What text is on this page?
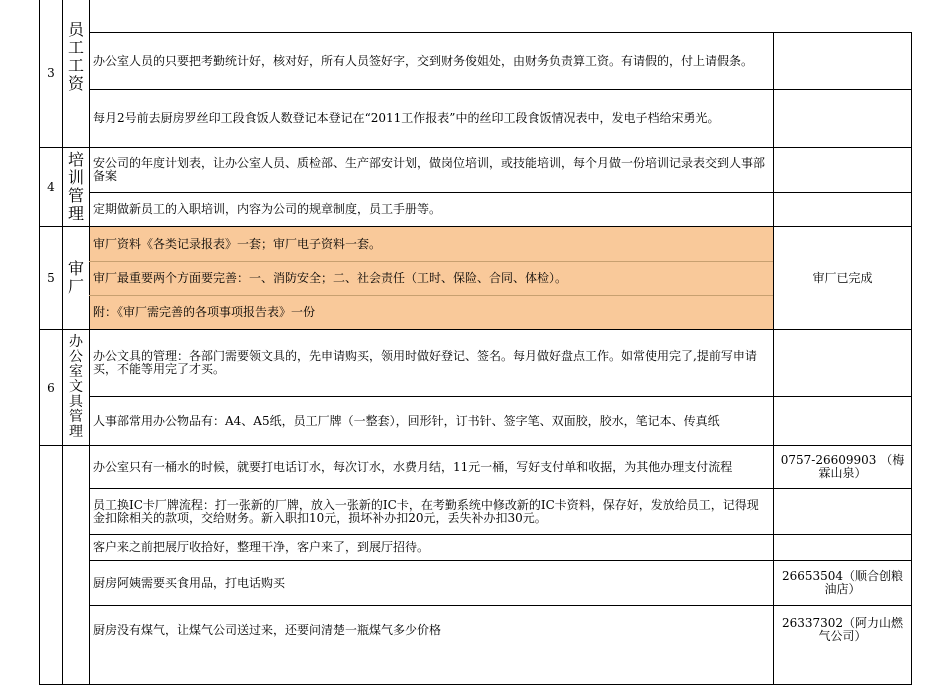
3
员
工
工
资
办公室人员的只要把考勤统计好，核对好，所有人员签好字，交到财务俊姐处，由财务负责算工资。有请假的，付上请假条。
每月2号前去厨房罗丝印工段食饭人数登记本登记在“2011工作报表”中的丝印工段食饭情况表中，发电子档给宋勇光。
4
培
训
管
理
安公司的年度计划表，让办公室人员、质检部、生产部安计划，做岗位培训，或技能培训，每个月做一份培训记录表交到人事部备案
定期做新员工的入职培训，内容为公司的规章制度，员工手册等。
5 审
厂
审厂资料《各类记录报表》一套；审厂电子资料一套。
审厂最重要两个方面要完善：一、消防安全；二、社会责任（工时、保险、合同、体检）。
附：《审厂需完善的各项事项报告表》一份
审厂已完成
6
办
公
室
文
具
管
理
办公文具的管理：各部门需要领文具的，先申请购买，领用时做好登记、签名。每月做好盘点工作。如常使用完了,提前写申请买，不能等用完了才买。
人事部常用办公物品有：A4、A5纸，员工厂牌（一整套），回形针，订书针、签字笔、双面胶，胶水，笔记本、传真纸
办公室只有一桶水的时候，就要打电话订水，每次订水，水费月结，11元一桶，写好支付单和收据，为其他办理支付流程
员工换IC卡厂牌流程：打一张新的厂牌，放入一张新的IC卡，在考勤系统中修改新的IC卡资料，保存好，发放给员工，记得现金扣除相关的款项，交给财务。新入职扣10元，损坏补办扣20元，丢失补办扣30元。
客户来之前把展厅收拾好，整理干净，客户来了，到展厅招待。
厨房阿姨需要买食用品，打电话购买
厨房没有煤气，让煤气公司送过来，还要问清楚一瓶煤气多少价格
0757-26609903 （梅霖山泉）
26653504（顺合创粮油店）
26337302（阿力山燃气公司）
